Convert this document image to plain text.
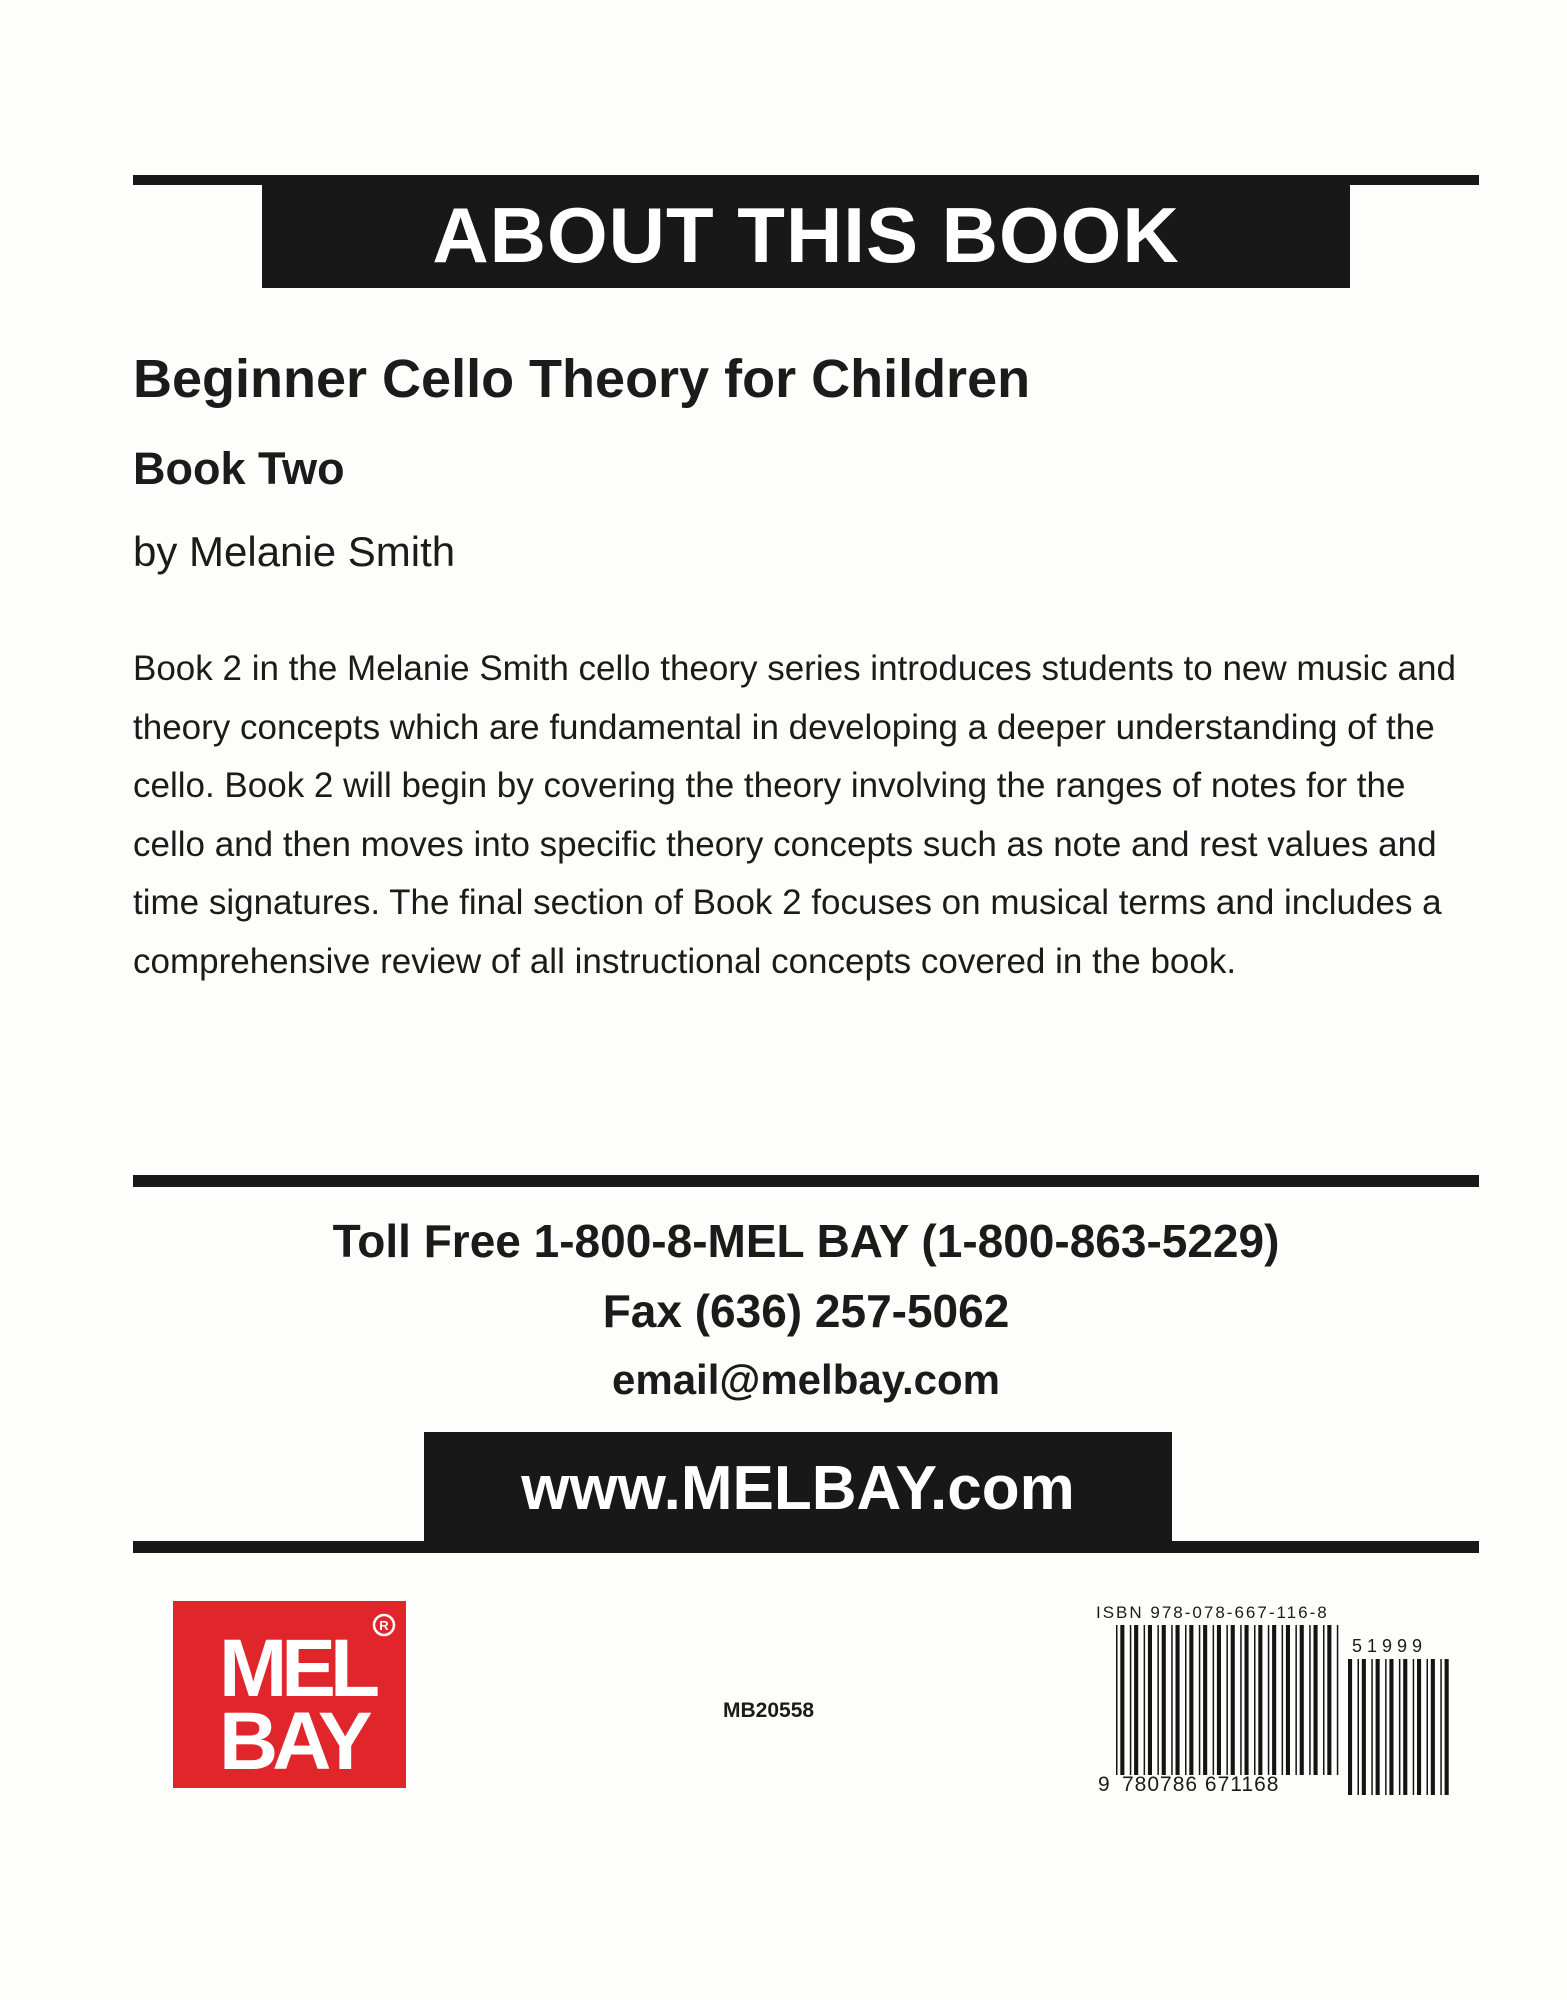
ABOUT THIS BOOK
Beginner Cello Theory for Children
Book Two
by Melanie Smith
Book 2 in the Melanie Smith cello theory series introduces students to new music and theory concepts which are fundamental in developing a deeper understanding of the cello. Book 2 will begin by covering the theory involving the ranges of notes for the cello and then moves into specific theory concepts such as note and rest values and time signatures. The final section of Book 2 focuses on musical terms and includes a comprehensive review of all instructional concepts covered in the book.
Toll Free 1-800-8-MEL BAY (1-800-863-5229)
Fax (636) 257-5062
email@melbay.com
www.MELBAY.com
MEL
BAY
R
MB20558
ISBN 978-078-667-116-8
9 780786 671168
5 1 9 9 9
